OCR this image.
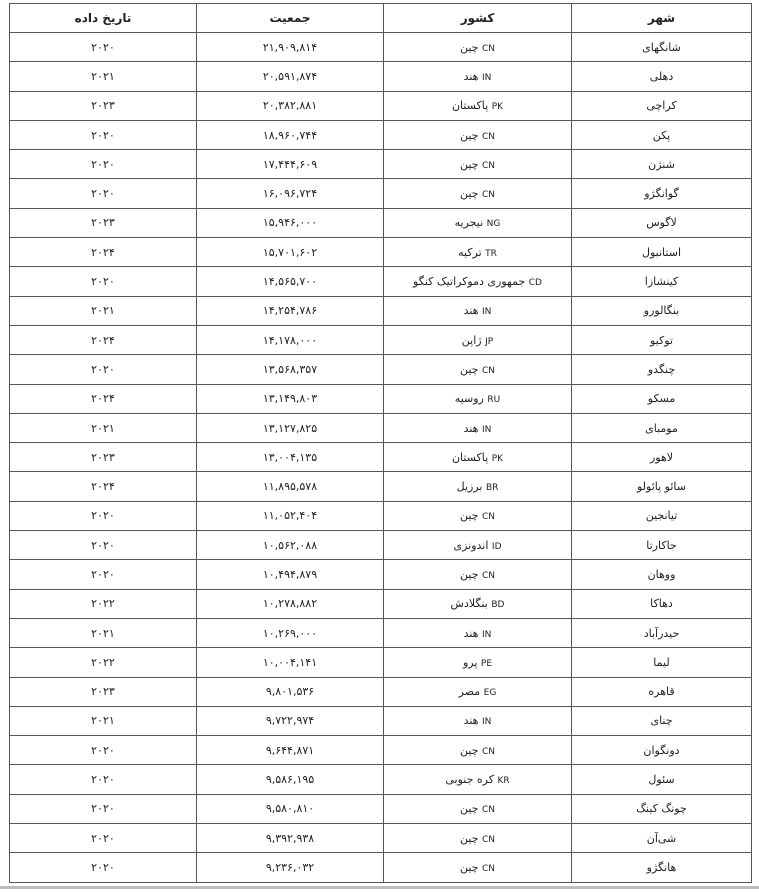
شهر	کشور	جمعیت	تاریخ داده
شانگهای	CN چین	۲۱,۹۰۹,۸۱۴	۲۰۲۰
دهلی	IN هند	۲۰,۵۹۱,۸۷۴	۲۰۲۱
کراچی	PK پاکستان	۲۰,۳۸۲,۸۸۱	۲۰۲۳
پکن	CN چین	۱۸,۹۶۰,۷۴۴	۲۰۲۰
شنژن	CN چین	۱۷,۴۴۴,۶۰۹	۲۰۲۰
گوانگژو	CN چین	۱۶,۰۹۶,۷۲۴	۲۰۲۰
لاگوس	NG نیجریه	۱۵,۹۴۶,۰۰۰	۲۰۲۳
استانبول	TR ترکیه	۱۵,۷۰۱,۶۰۲	۲۰۲۴
کینشازا	CD جمهوری دموکراتیک کنگو	۱۴,۵۶۵,۷۰۰	۲۰۲۰
بنگالورو	IN هند	۱۴,۲۵۴,۷۸۶	۲۰۲۱
توکیو	JP ژاپن	۱۴,۱۷۸,۰۰۰	۲۰۲۴
چنگدو	CN چین	۱۳,۵۶۸,۳۵۷	۲۰۲۰
مسکو	RU روسیه	۱۳,۱۴۹,۸۰۳	۲۰۲۴
مومبای	IN هند	۱۳,۱۲۷,۸۲۵	۲۰۲۱
لاهور	PK پاکستان	۱۳,۰۰۴,۱۳۵	۲۰۲۳
سائو پائولو	BR برزیل	۱۱,۸۹۵,۵۷۸	۲۰۲۴
تیانجین	CN چین	۱۱,۰۵۲,۴۰۴	۲۰۲۰
جاکارتا	ID اندونزی	۱۰,۵۶۲,۰۸۸	۲۰۲۰
ووهان	CN چین	۱۰,۴۹۴,۸۷۹	۲۰۲۰
دهاکا	BD بنگلادش	۱۰,۲۷۸,۸۸۲	۲۰۲۲
حیدرآباد	IN هند	۱۰,۲۶۹,۰۰۰	۲۰۲۱
لیما	PE پرو	۱۰,۰۰۴,۱۴۱	۲۰۲۲
قاهره	EG مصر	۹,۸۰۱,۵۳۶	۲۰۲۳
چنای	IN هند	۹,۷۲۲,۹۷۴	۲۰۲۱
دونگوان	CN چین	۹,۶۴۴,۸۷۱	۲۰۲۰
سئول	KR کره جنوبی	۹,۵۸۶,۱۹۵	۲۰۲۰
چونگ کینگ	CN چین	۹,۵۸۰,۸۱۰	۲۰۲۰
شی‌آن	CN چین	۹,۳۹۲,۹۳۸	۲۰۲۰
هانگژو	CN چین	۹,۲۳۶,۰۳۲	۲۰۲۰
